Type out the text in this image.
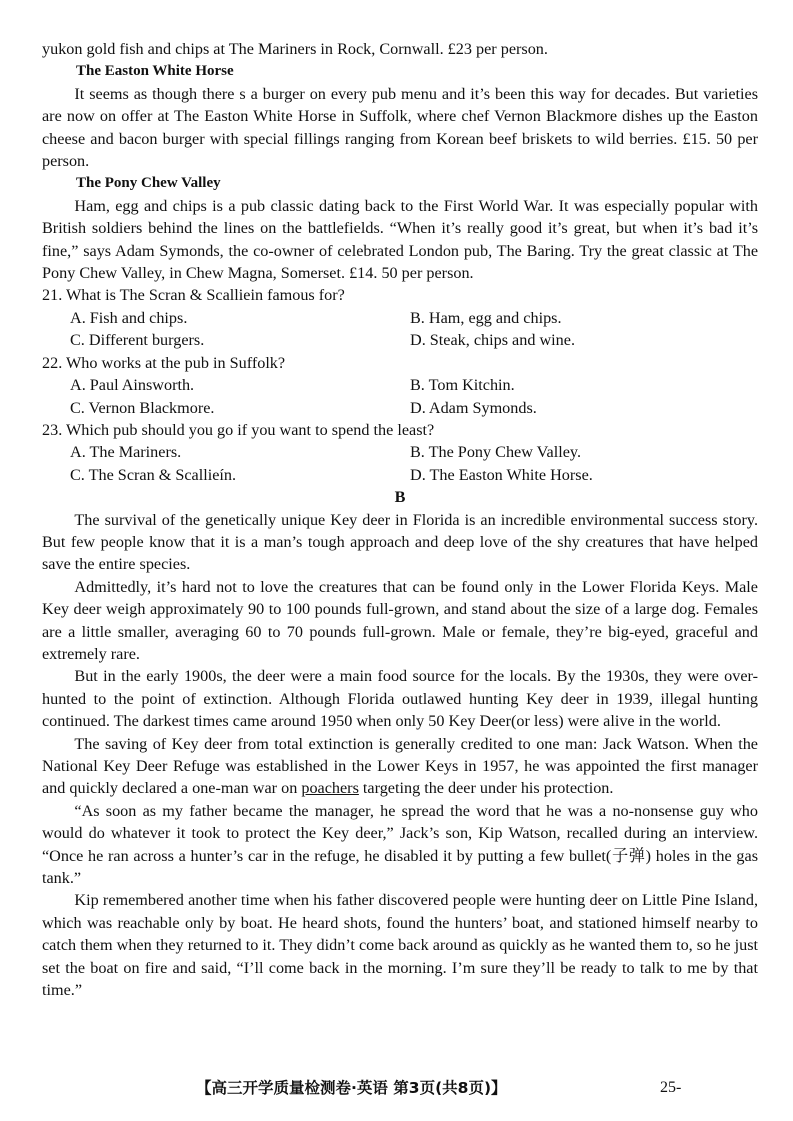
yukon gold fish and chips at The Mariners in Rock, Cornwall. £23 per person.

The Easton White Horse

It seems as though there s a burger on every pub menu and it’s been this way for decades. But varieties are now on offer at The Easton White Horse in Suffolk, where chef Vernon Blackmore dishes up the Easton cheese and bacon burger with special fillings ranging from Korean beef briskets to wild berries. £15. 50 per person.

The Pony Chew Valley

Ham, egg and chips is a pub classic dating back to the First World War. It was especially popular with British soldiers behind the lines on the battlefields. “When it’s really good it’s great, but when it’s bad it’s fine,” says Adam Symonds, the co-owner of celebrated London pub, The Baring. Try the great classic at The Pony Chew Valley, in Chew Magna, Somerset. £14. 50 per person.

21. What is The Scran & Scalliein famous for?

A. Fish and chips.	B. Ham, egg and chips.

C. Different burgers.	D. Steak, chips and wine.

22. Who works at the pub in Suffolk?

A. Paul Ainsworth.	B. Tom Kitchin.

C. Vernon Blackmore.	D. Adam Symonds.

23. Which pub should you go if you want to spend the least?

A. The Mariners.	B. The Pony Chew Valley.

C. The Scran & Scallieín.	D. The Easton White Horse.

B

The survival of the genetically unique Key deer in Florida is an incredible environmental success story. But few people know that it is a man’s tough approach and deep love of the shy creatures that have helped save the entire species.

Admittedly, it’s hard not to love the creatures that can be found only in the Lower Florida Keys. Male Key deer weigh approximately 90 to 100 pounds full-grown, and stand about the size of a large dog. Females are a little smaller, averaging 60 to 70 pounds full-grown. Male or female, they’re big-eyed, graceful and extremely rare.

But in the early 1900s, the deer were a main food source for the locals. By the 1930s, they were over-hunted to the point of extinction. Although Florida outlawed hunting Key deer in 1939, illegal hunting continued. The darkest times came around 1950 when only 50 Key Deer(or less) were alive in the world.

The saving of Key deer from total extinction is generally credited to one man: Jack Watson. When the National Key Deer Refuge was established in the Lower Keys in 1957, he was appointed the first manager and quickly declared a one-man war on poachers targeting the deer under his protection.

“As soon as my father became the manager, he spread the word that he was a no-nonsense guy who would do whatever it took to protect the Key deer,” Jack’s son, Kip Watson, recalled during an interview. “Once he ran across a hunter’s car in the refuge, he disabled it by putting a few bullet(子弹) holes in the gas tank.”

Kip remembered another time when his father discovered people were hunting deer on Little Pine Island, which was reachable only by boat. He heard shots, found the hunters’ boat, and stationed himself nearby to catch them when they returned to it. They didn’t come back around as quickly as he wanted them to, so he just set the boat on fire and said, “I’ll come back in the morning. I’m sure they’ll be ready to talk to me by that time.”

【高三开学质量检测卷·英语 第3页(共8页)】	25-
